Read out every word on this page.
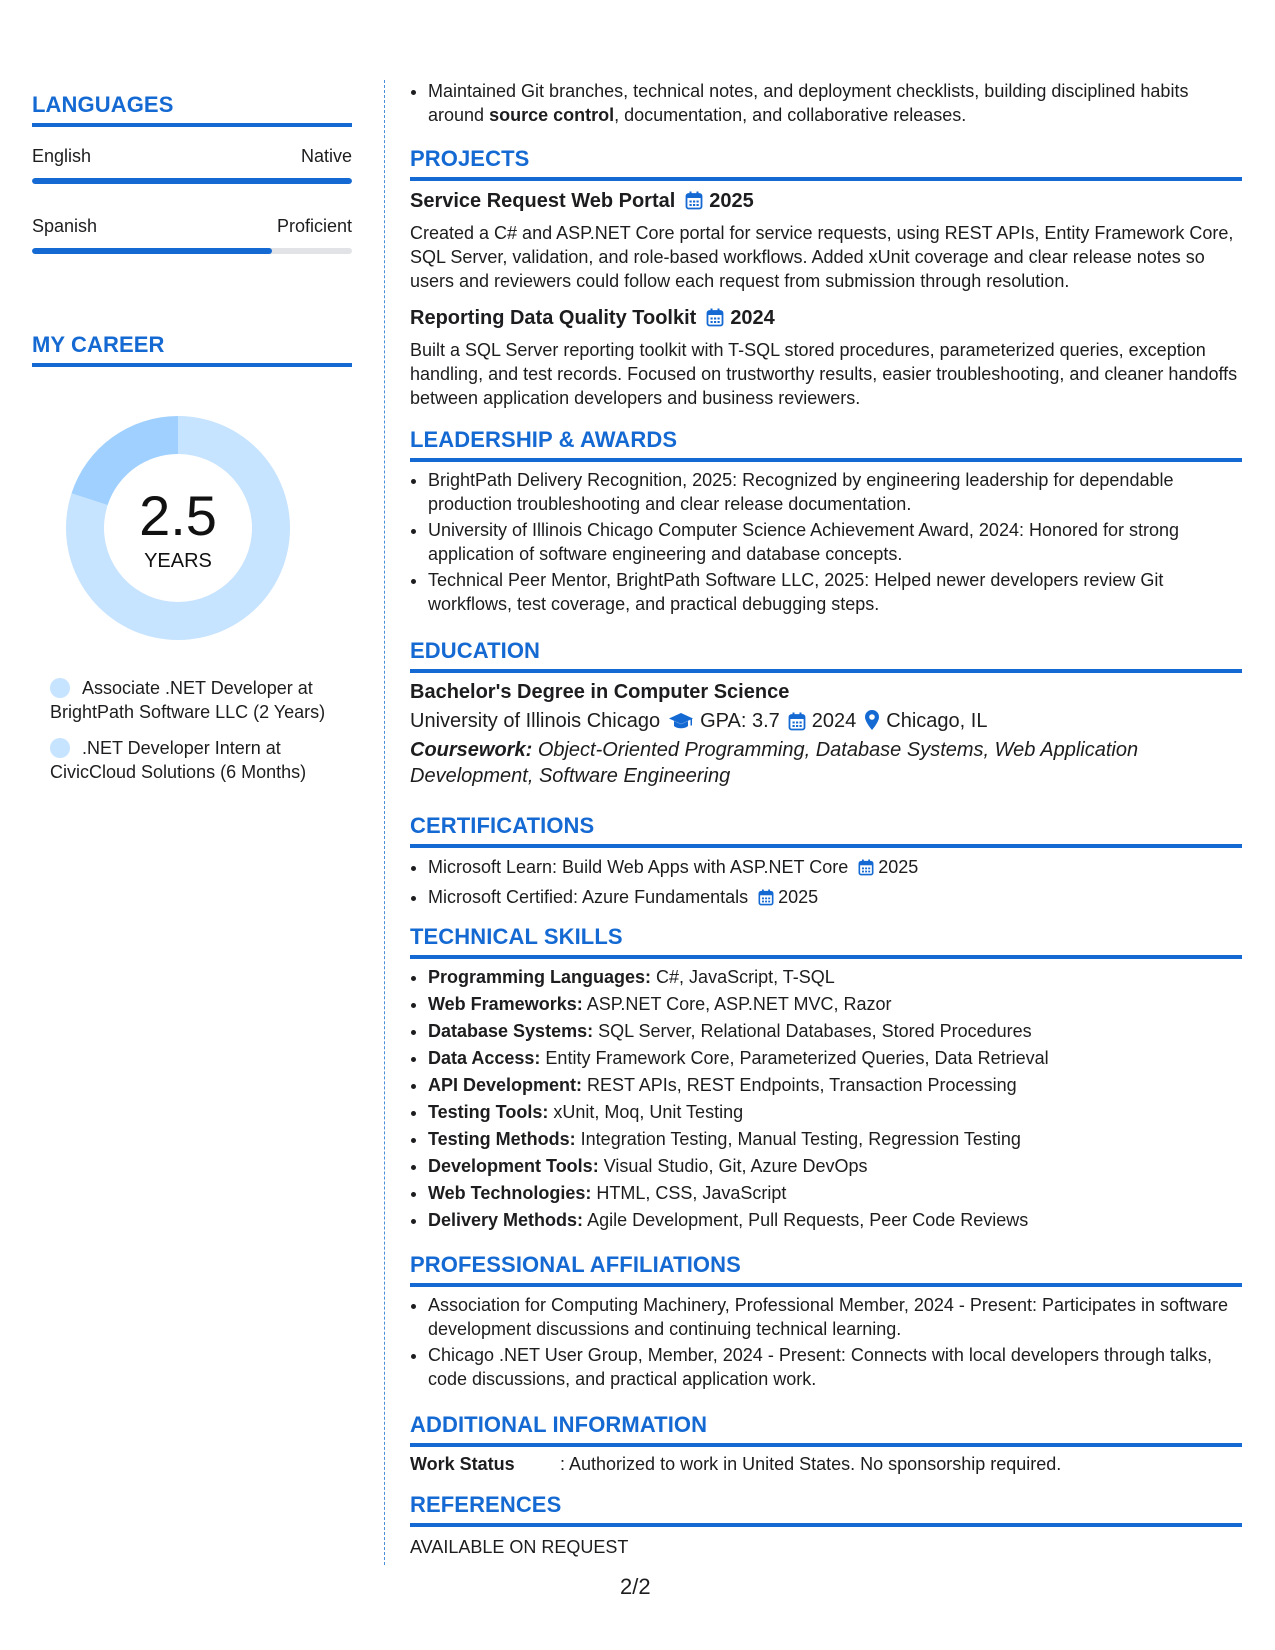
LANGUAGES
English	Native
Spanish	Proficient
MY CAREER
2.5
YEARS
Associate .NET Developer at BrightPath Software LLC (2 Years)
.NET Developer Intern at CivicCloud Solutions (6 Months)
• Maintained Git branches, technical notes, and deployment checklists, building disciplined habits around source control, documentation, and collaborative releases.
PROJECTS
Service Request Web Portal 2025
Created a C# and ASP.NET Core portal for service requests, using REST APIs, Entity Framework Core, SQL Server, validation, and role-based workflows. Added xUnit coverage and clear release notes so users and reviewers could follow each request from submission through resolution.
Reporting Data Quality Toolkit 2024
Built a SQL Server reporting toolkit with T-SQL stored procedures, parameterized queries, exception handling, and test records. Focused on trustworthy results, easier troubleshooting, and cleaner handoffs between application developers and business reviewers.
LEADERSHIP & AWARDS
• BrightPath Delivery Recognition, 2025: Recognized by engineering leadership for dependable production troubleshooting and clear release documentation.
• University of Illinois Chicago Computer Science Achievement Award, 2024: Honored for strong application of software engineering and database concepts.
• Technical Peer Mentor, BrightPath Software LLC, 2025: Helped newer developers review Git workflows, test coverage, and practical debugging steps.
EDUCATION
Bachelor's Degree in Computer Science
University of Illinois Chicago GPA: 3.7 2024 Chicago, IL
Coursework: Object-Oriented Programming, Database Systems, Web Application Development, Software Engineering
CERTIFICATIONS
• Microsoft Learn: Build Web Apps with ASP.NET Core 2025
• Microsoft Certified: Azure Fundamentals 2025
TECHNICAL SKILLS
• Programming Languages: C#, JavaScript, T-SQL
• Web Frameworks: ASP.NET Core, ASP.NET MVC, Razor
• Database Systems: SQL Server, Relational Databases, Stored Procedures
• Data Access: Entity Framework Core, Parameterized Queries, Data Retrieval
• API Development: REST APIs, REST Endpoints, Transaction Processing
• Testing Tools: xUnit, Moq, Unit Testing
• Testing Methods: Integration Testing, Manual Testing, Regression Testing
• Development Tools: Visual Studio, Git, Azure DevOps
• Web Technologies: HTML, CSS, JavaScript
• Delivery Methods: Agile Development, Pull Requests, Peer Code Reviews
PROFESSIONAL AFFILIATIONS
• Association for Computing Machinery, Professional Member, 2024 - Present: Participates in software development discussions and continuing technical learning.
• Chicago .NET User Group, Member, 2024 - Present: Connects with local developers through talks, code discussions, and practical application work.
ADDITIONAL INFORMATION
Work Status	: Authorized to work in United States. No sponsorship required.
REFERENCES
AVAILABLE ON REQUEST
2/2
